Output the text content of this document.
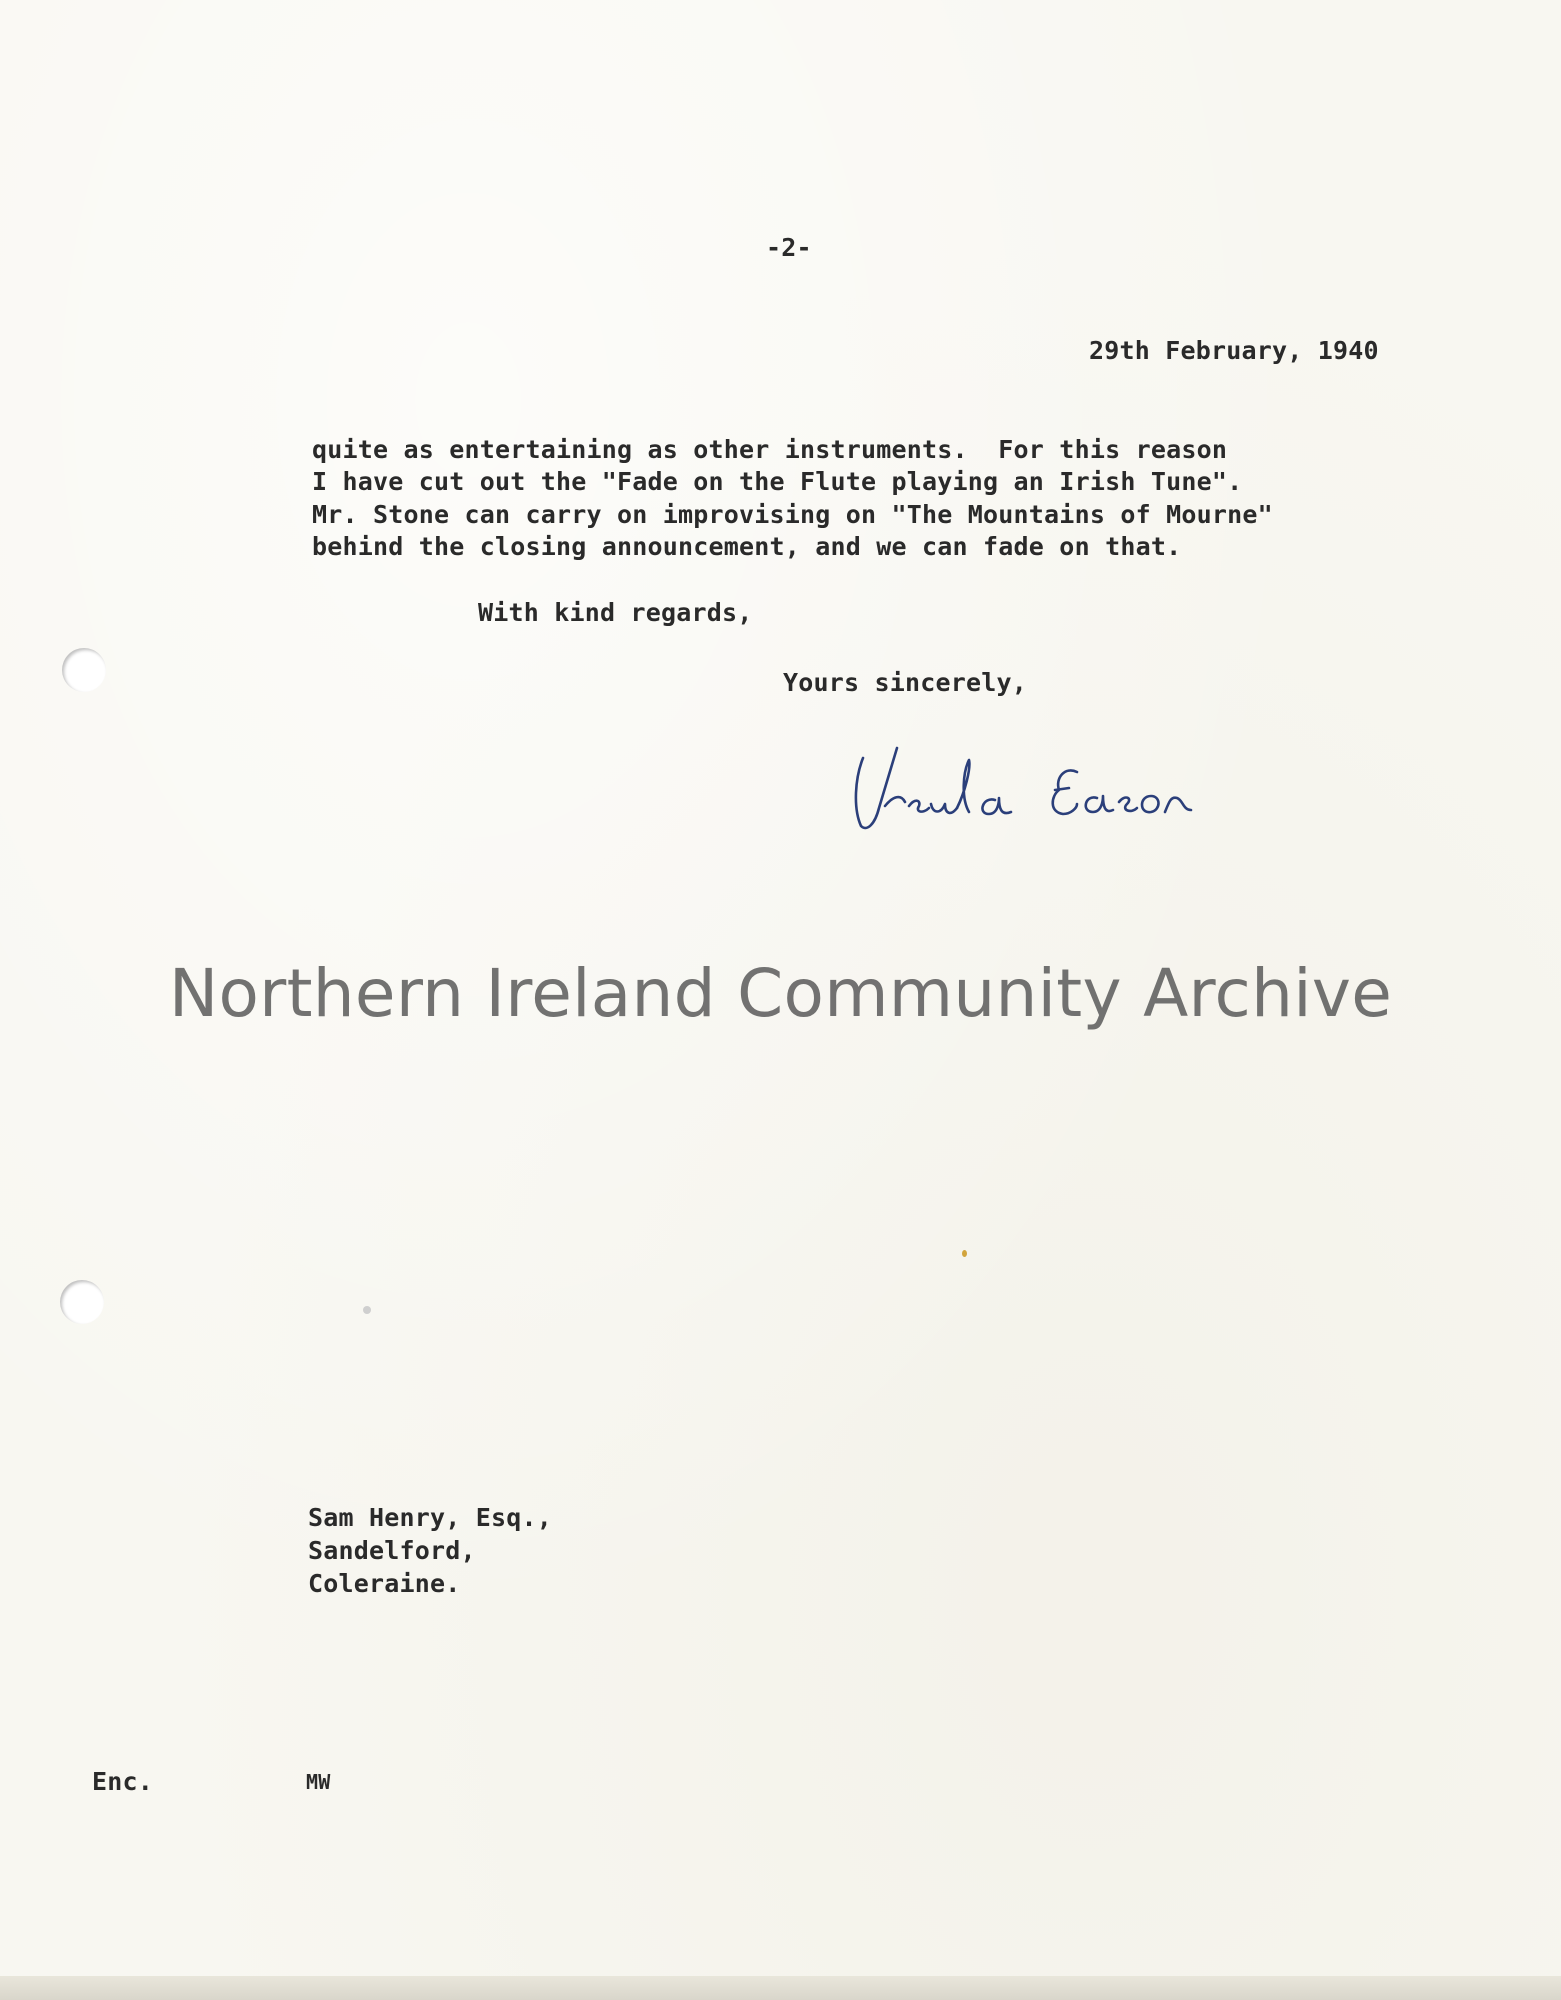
-2-
29th February, 1940
quite as entertaining as other instruments.  For this reason
I have cut out the "Fade on the Flute playing an Irish Tune".
Mr. Stone can carry on improvising on "The Mountains of Mourne"
behind the closing announcement, and we can fade on that.
With kind regards,
Yours sincerely,
Northern Ireland Community Archive
Sam Henry, Esq.,
Sandelford,
Coleraine.
Enc.	MW
